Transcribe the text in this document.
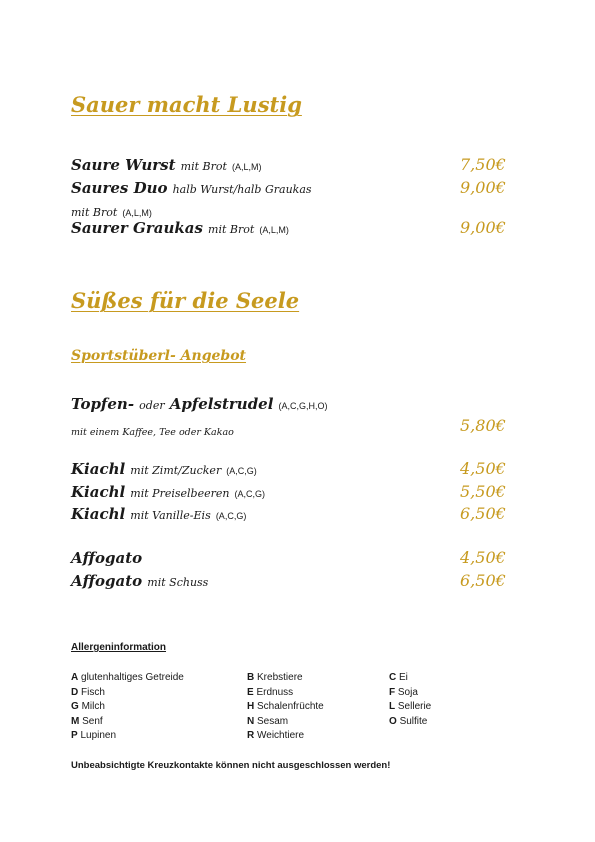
Sauer macht Lustig
Saure Wurst mit Brot (A,L,M)	7,50€
Saures Duo halb Wurst/halb Graukas	9,00€
mit Brot (A,L,M)
Saurer Graukas mit Brot (A,L,M)	9,00€
Süßes für die Seele
Sportstüberl- Angebot
Topfen- oder Apfelstrudel (A,C,G,H,O)
mit einem Kaffee, Tee oder Kakao	5,80€
Kiachl mit Zimt/Zucker (A,C,G)	4,50€
Kiachl mit Preiselbeeren (A,C,G)	5,50€
Kiachl mit Vanille-Eis (A,C,G)	6,50€
Affogato	4,50€
Affogato mit Schuss	6,50€
Allergeninformation
A glutenhaltiges Getreide
D Fisch
G Milch
M Senf
P Lupinen
B Krebstiere
E Erdnuss
H Schalenfrüchte
N Sesam
R Weichtiere
C Ei
F Soja
L Sellerie
O Sulfite
Unbeabsichtigte Kreuzkontakte können nicht ausgeschlossen werden!
